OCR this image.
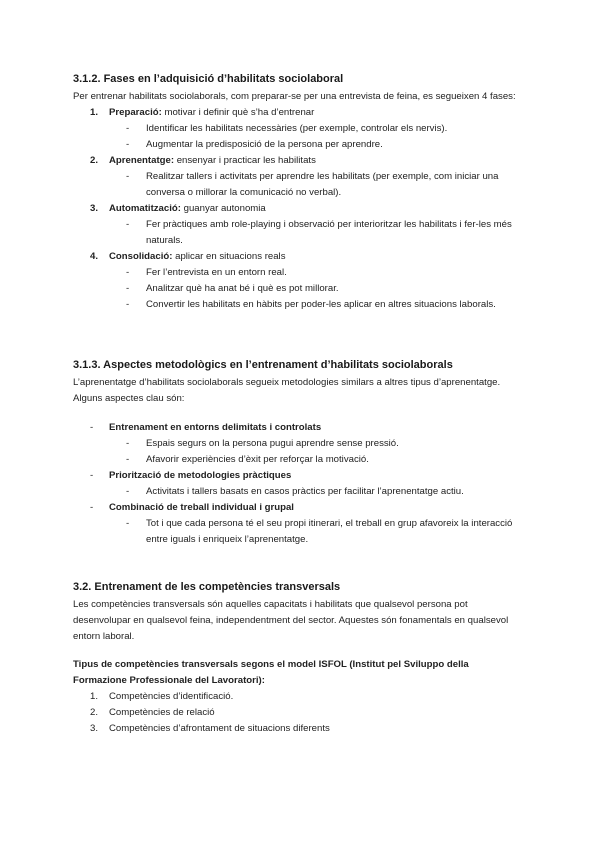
3.1.2. Fases en l’adquisició d’habilitats sociolaboral

Per entrenar habilitats sociolaborals, com preparar-se per una entrevista de feina, es segueixen 4 fases:

1. Preparació: motivar i definir què s’ha d’entrenar
- Identificar les habilitats necessàries (per exemple, controlar els nervis).
- Augmentar la predisposició de la persona per aprendre.
2. Aprenentatge: ensenyar i practicar les habilitats
- Realitzar tallers i activitats per aprendre les habilitats (per exemple, com iniciar una conversa o millorar la comunicació no verbal).
3. Automatització: guanyar autonomia
- Fer pràctiques amb role-playing i observació per interioritzar les habilitats i fer-les més naturals.
4. Consolidació: aplicar en situacions reals
- Fer l’entrevista en un entorn real.
- Analitzar què ha anat bé i què es pot millorar.
- Convertir les habilitats en hàbits per poder-les aplicar en altres situacions laborals.
3.1.3. Aspectes metodològics en l’entrenament d’habilitats sociolaborals

L’aprenentatge d’habilitats sociolaborals segueix metodologies similars a altres tipus d’aprenentatge. Alguns aspectes clau són:

- Entrenament en entorns delimitats i controlats
- Espais segurs on la persona pugui aprendre sense pressió.
- Afavorir experiències d’èxit per reforçar la motivació.
- Priorització de metodologies pràctiques
- Activitats i tallers basats en casos pràctics per facilitar l’aprenentatge actiu.
- Combinació de treball individual i grupal
- Tot i que cada persona té el seu propi itinerari, el treball en grup afavoreix la interacció entre iguals i enriqueix l’aprenentatge.
3.2. Entrenament de les competències transversals

Les competències transversals són aquelles capacitats i habilitats que qualsevol persona pot desenvolupar en qualsevol feina, independentment del sector. Aquestes són fonamentals en qualsevol entorn laboral.

Tipus de competències transversals segons el model ISFOL (Institut pel Sviluppo della Formazione Professionale del Lavoratori):

1. Competències d’identificació.
2. Competències de relació
3. Competències d’afrontament de situacions diferents
